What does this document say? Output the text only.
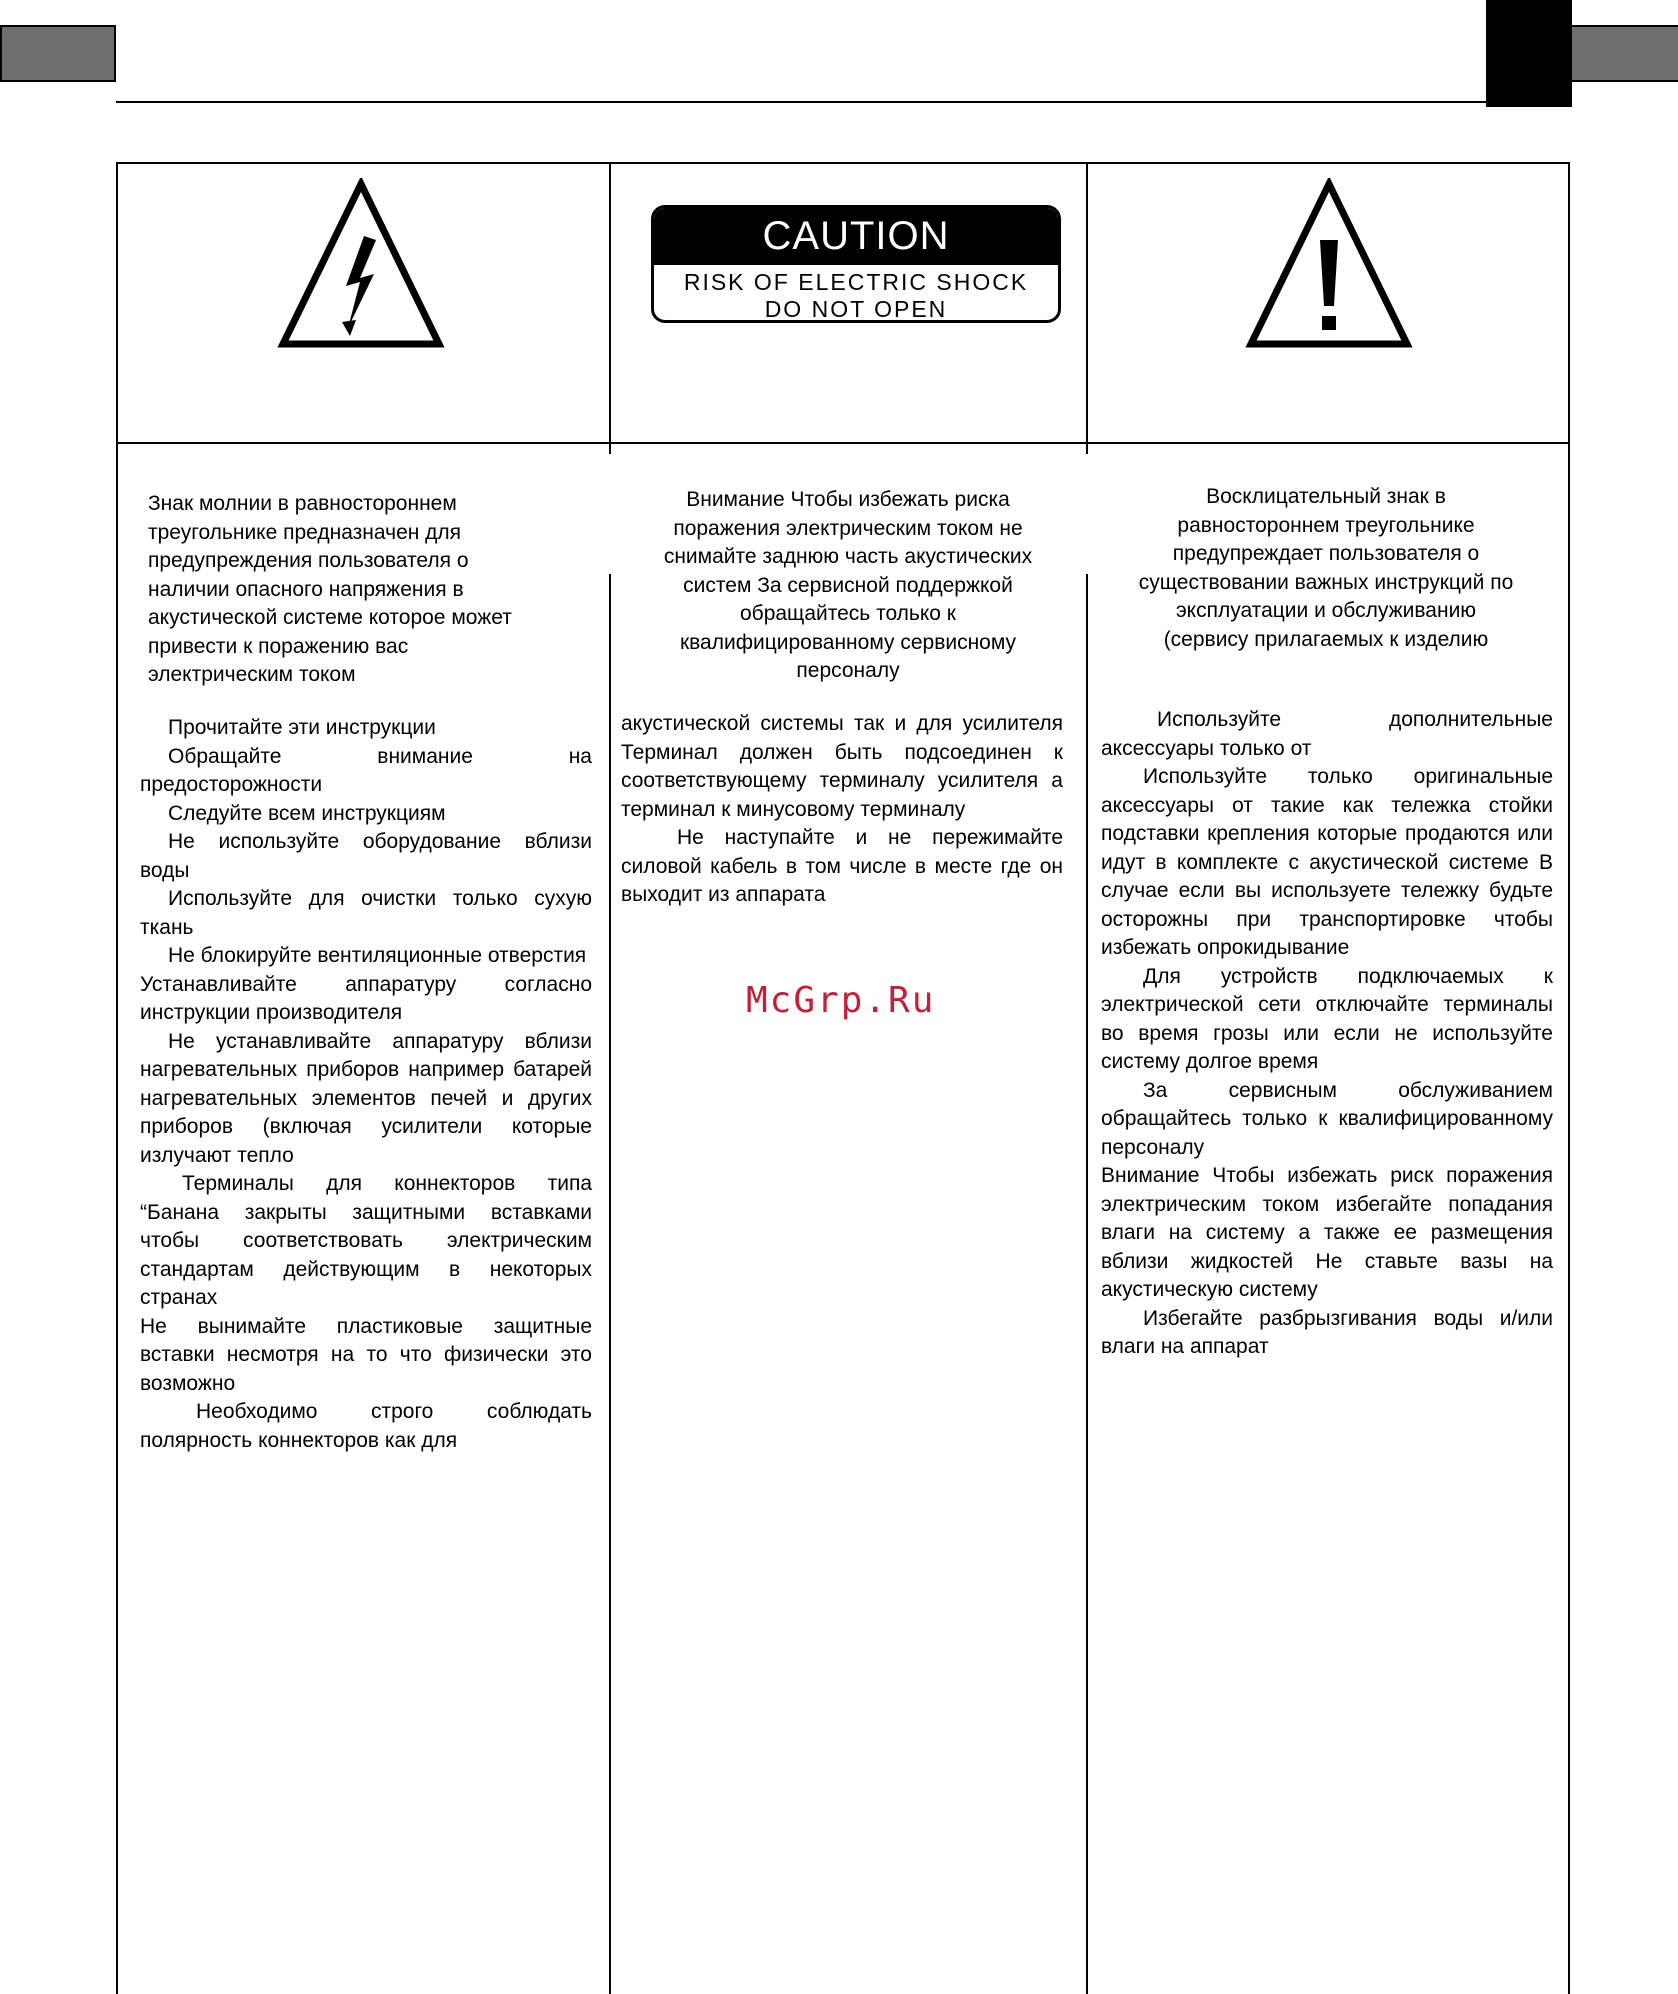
CAUTION
RISK OF ELECTRIC SHOCK
DO NOT OPEN

Знак молнии в равностороннем

треугольнике предназначен для

предупреждения пользователя о

наличии опасного напряжения в

акустической системе которое может

привести к поражению вас

электрическим током

Внимание Чтобы избежать риска

поражения электрическим током не

снимайте заднюю часть акустических

систем За сервисной поддержкой

обращайтесь только к

квалифицированному сервисному

персоналу

Восклицательный знак в

равностороннем треугольнике

предупреждает пользователя о

существовании важных инструкций по

эксплуатации и обслуживанию

(сервису прилагаемых к изделию

Прочитайте эти инструкции

Обращайте внимание на предосторожности

Следуйте всем инструкциям

Не используйте оборудование вблизи воды

Используйте для очистки только сухую ткань

Не блокируйте вентиляционные отверстия

Устанавливайте аппаратуру согласно инструкции производителя

Не устанавливайте аппаратуру вблизи нагревательных приборов например батарей нагревательных элементов печей и других приборов (включая усилители которые излучают тепло

Терминалы для коннекторов типа “Банана закрыты защитными вставками чтобы соответствовать электрическим стандартам действующим в некоторых странах

Не вынимайте пластиковые защитные вставки несмотря на то что физически это возможно

Необходимо строго соблюдать полярность коннекторов как для

акустической системы так и для усилителя Терминал должен быть подсоединен к соответствующему терминалу усилителя а терминал к минусовому терминалу

Не наступайте и не пережимайте силовой кабель в том числе в месте где он выходит из аппарата

Используйте дополнительные аксессуары только от

Используйте только оригинальные аксессуары от такие как тележка стойки подставки крепления которые продаются или идут в комплекте с акустической системе В случае если вы используете тележку будьте осторожны при транспортировке чтобы избежать опрокидывание

Для устройств подключаемых к электрической сети отключайте терминалы во время грозы или если не используйте систему долгое время

За сервисным обслуживанием обращайтесь только к квалифицированному персоналу

Внимание Чтобы избежать риск поражения электрическим током избегайте попадания влаги на систему а также ее размещения вблизи жидкостей Не ставьте вазы на акустическую систему

Избегайте разбрызгивания воды и/или влаги на аппарат

McGrp.Ru
